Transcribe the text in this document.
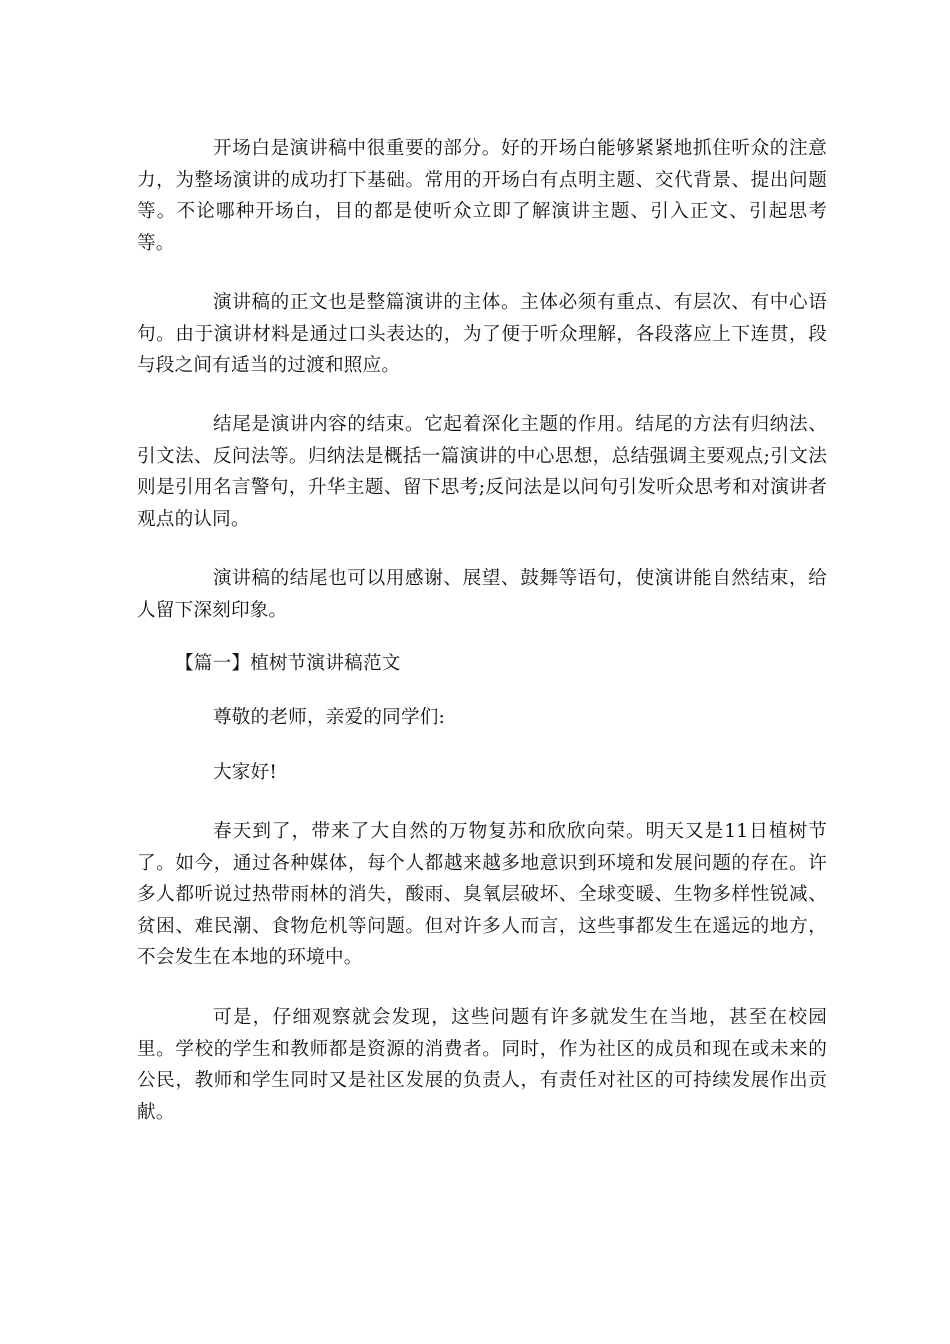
开场白是演讲稿中很重要的部分。好的开场白能够紧紧地抓住听众的注意力，为整场演讲的成功打下基础。常用的开场白有点明主题、交代背景、提出问题等。不论哪种开场白，目的都是使听众立即了解演讲主题、引入正文、引起思考等。

演讲稿的正文也是整篇演讲的主体。主体必须有重点、有层次、有中心语句。由于演讲材料是通过口头表达的，为了便于听众理解，各段落应上下连贯，段与段之间有适当的过渡和照应。

结尾是演讲内容的结束。它起着深化主题的作用。结尾的方法有归纳法、引文法、反问法等。归纳法是概括一篇演讲的中心思想，总结强调主要观点;引文法则是引用名言警句，升华主题、留下思考;反问法是以问句引发听众思考和对演讲者观点的认同。

演讲稿的结尾也可以用感谢、展望、鼓舞等语句，使演讲能自然结束，给人留下深刻印象。

【篇一】植树节演讲稿范文

尊敬的老师，亲爱的同学们:

大家好!

春天到了，带来了大自然的万物复苏和欣欣向荣。明天又是11日植树节了。如今，通过各种媒体，每个人都越来越多地意识到环境和发展问题的存在。许多人都听说过热带雨林的消失，酸雨、臭氧层破坏、全球变暖、生物多样性锐减、贫困、难民潮、食物危机等问题。但对许多人而言，这些事都发生在遥远的地方，不会发生在本地的环境中。

可是，仔细观察就会发现，这些问题有许多就发生在当地，甚至在校园里。学校的学生和教师都是资源的消费者。同时，作为社区的成员和现在或未来的公民，教师和学生同时又是社区发展的负责人，有责任对社区的可持续发展作出贡献。
